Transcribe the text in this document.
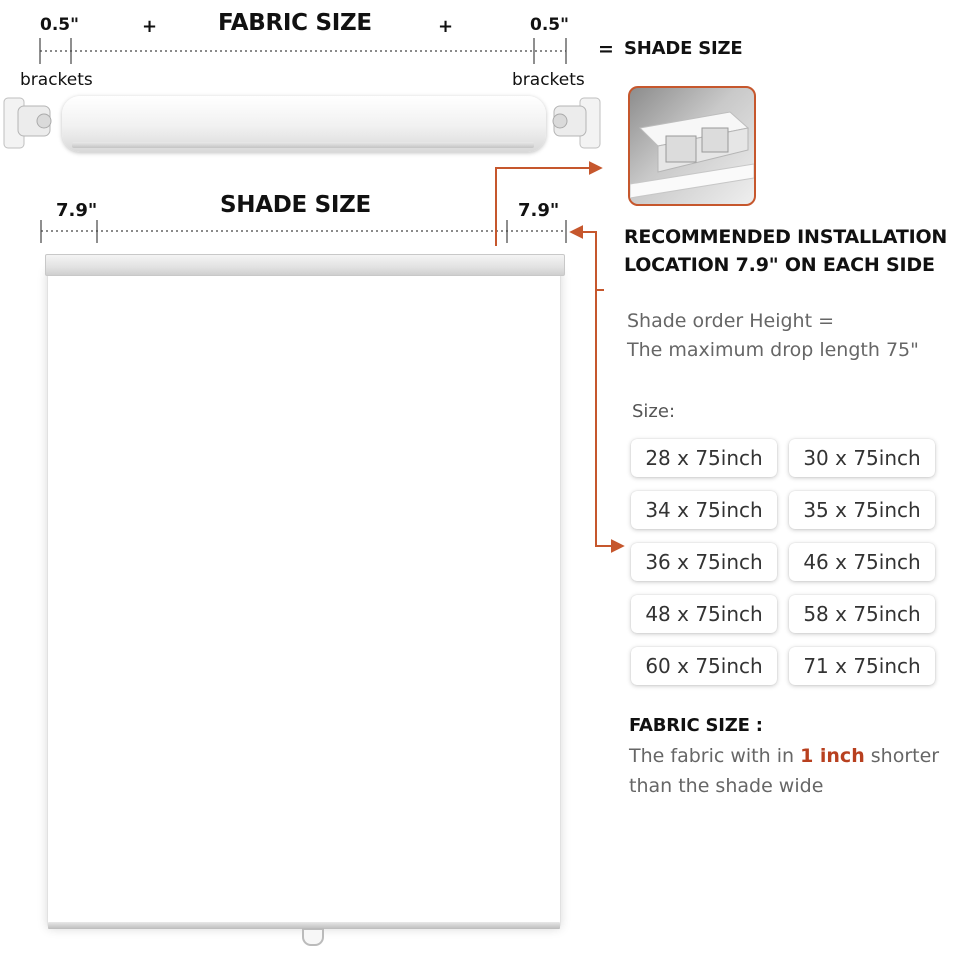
0.5"	+	FABRIC SIZE	+	0.5"
= SHADE SIZE
brackets	brackets
7.9"	SHADE SIZE	7.9"
RECOMMENDED INSTALLATION
LOCATION 7.9" ON EACH SIDE
Shade order Height =
The maximum drop length 75"
Size:
28 x 75inch	30 x 75inch
34 x 75inch	35 x 75inch
36 x 75inch	46 x 75inch
48 x 75inch	58 x 75inch
60 x 75inch	71 x 75inch
FABRIC SIZE :
The fabric with in 1 inch shorter
than the shade wide
